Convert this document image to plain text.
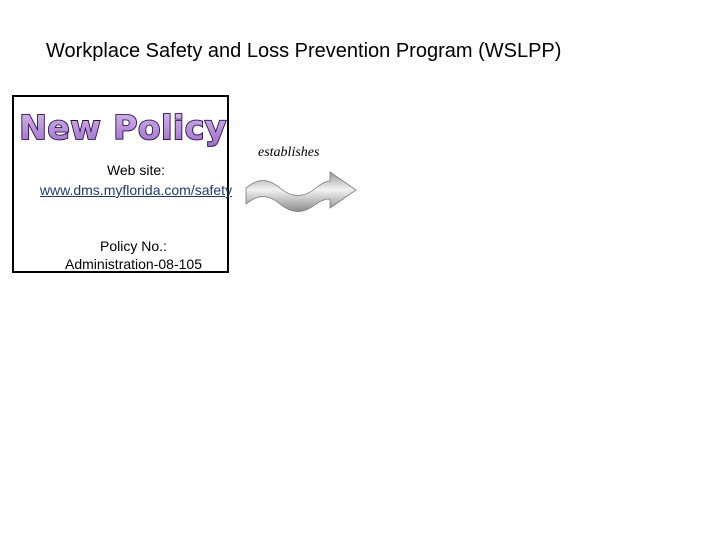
Workplace Safety and Loss Prevention Program (WSLPP)
New Policy
Web site:
www.dms.myflorida.com/safety
Policy No.:
Administration-08-105
establishes
